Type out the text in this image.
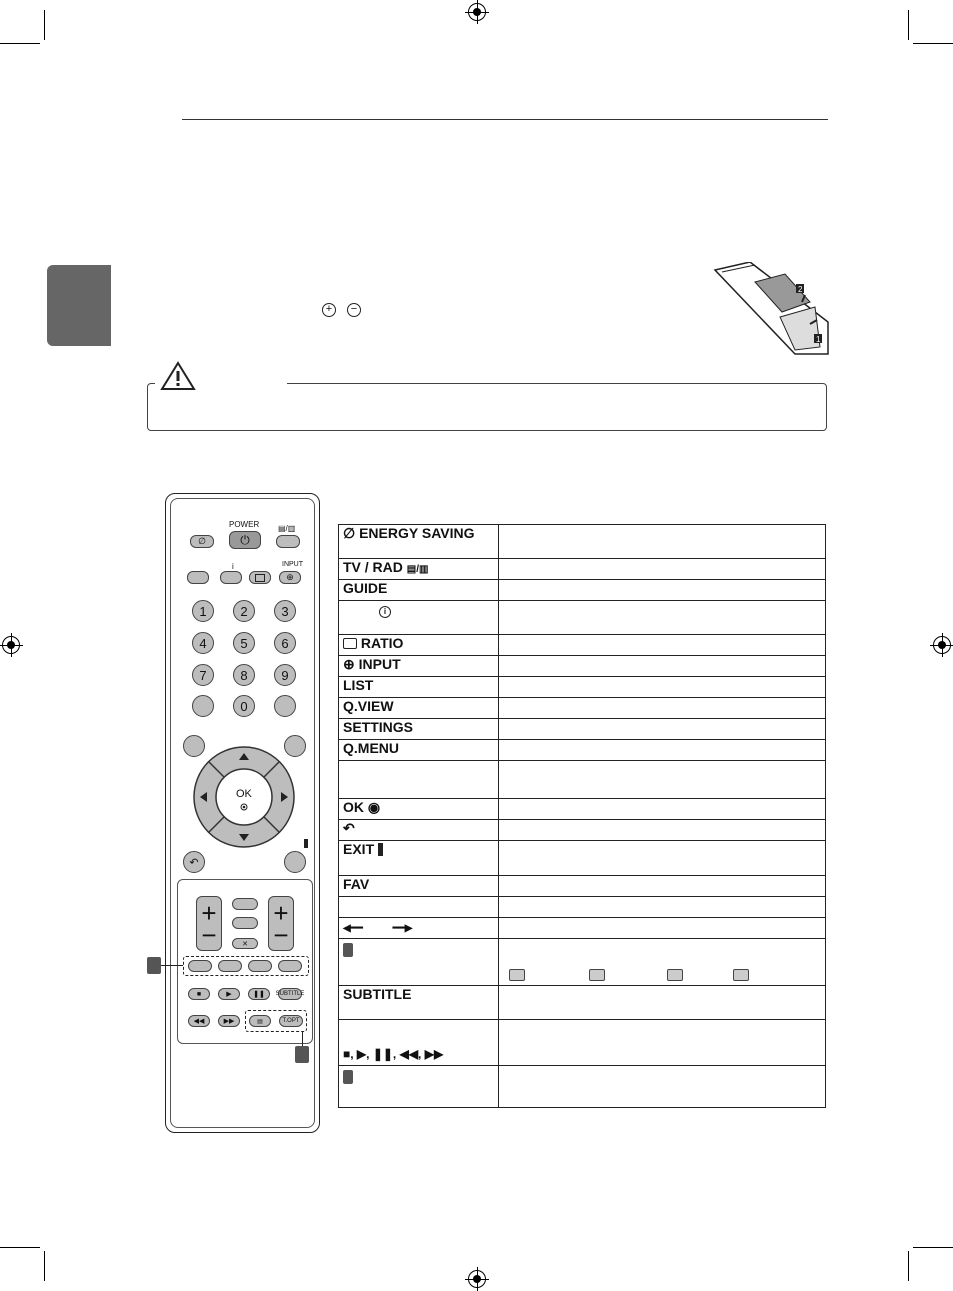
+	−
2
1
∅
POWER
⏻
▤/▥
i	INPUT
⊕
1	2	3
4	5	6
7	8	9
0
OK
↶
+
−	✕
+
−
■	▶	❚❚ SUBTITLE
◀◀	▶▶	▤	T.OPT
∅ ENERGY SAVING	
TV / RAD ▤/▥	
GUIDE	
i	
RATIO	
⊕ INPUT	
LIST	
Q.VIEW	
SETTINGS	
Q.MENU	

OK ◉	
↶	
EXIT	
FAV	

◀━━ ━━▶	

SUBTITLE	
■, ▶, ❚❚, ◀◀, ▶▶	
